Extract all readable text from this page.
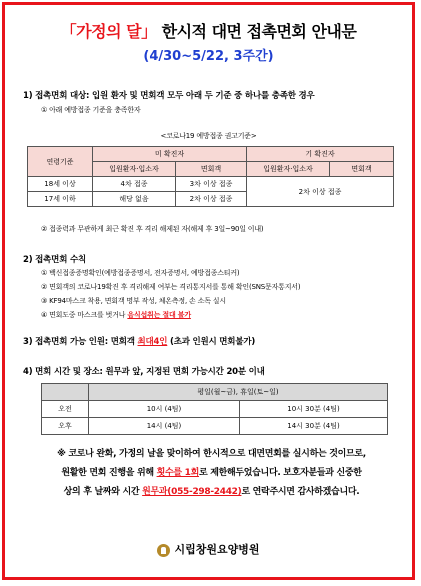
「가정의 달」 한시적 대면 접촉면회 안내문
(4/30~5/22, 3주간)
1) 접촉면회 대상: 입원 환자 및 면회객 모두 아래 두 기준 중 하나를 충족한 경우
① 아래 예방접종 기준을 충족한자
<코로나19 예방접종 권고기준>
연령기준	미 확진자		기 확진자	
	입원환자·입소자	면회객	입원환자·입소자	면회객
18세 이상	4차 접종	3차 이상 접종	2차 이상 접종	
17세 이하	해당 없음	2차 이상 접종		
② 접종력과 무관하게 최근 확진 후 격리 해제된 자(해제 후 3일~90일 이내)
2) 접촉면회 수칙
① 백신접종증명확인(예방접종증명서, 전자증명서, 예방접종스티커)
② 면회객의 코로나19확진 후 격리해제 여부는 격리통지서를 통해 확인(SNS문자통지서)
③ KF94마스크 착용, 면회객 명부 작성, 체온측정, 손 소독 실시
④ 면회도중 마스크를 벗거나 음식섭취는 절대 불가
3) 접촉면회 가능 인원: 면회객 최대4인 (초과 인원시 면회불가)
4) 면회 시간 및 장소: 원무과 앞, 지정된 면회 가능시간 20분 이내
	평일(월~금), 휴일(토~일)	
오전	10시 (4팀)	10시 30분 (4팀)
오후	14시 (4팀)	14시 30분 (4팀)
※ 코로나 완화, 가정의 날을 맞이하여 한시적으로 대면면회를 실시하는 것이므로,
원활한 면회 진행을 위해 횟수를 1회로 제한해두었습니다. 보호자분들과 신중한
상의 후 날짜와 시간 원무과(055-298-2442)로 연락주시면 감사하겠습니다.
시립창원요양병원
